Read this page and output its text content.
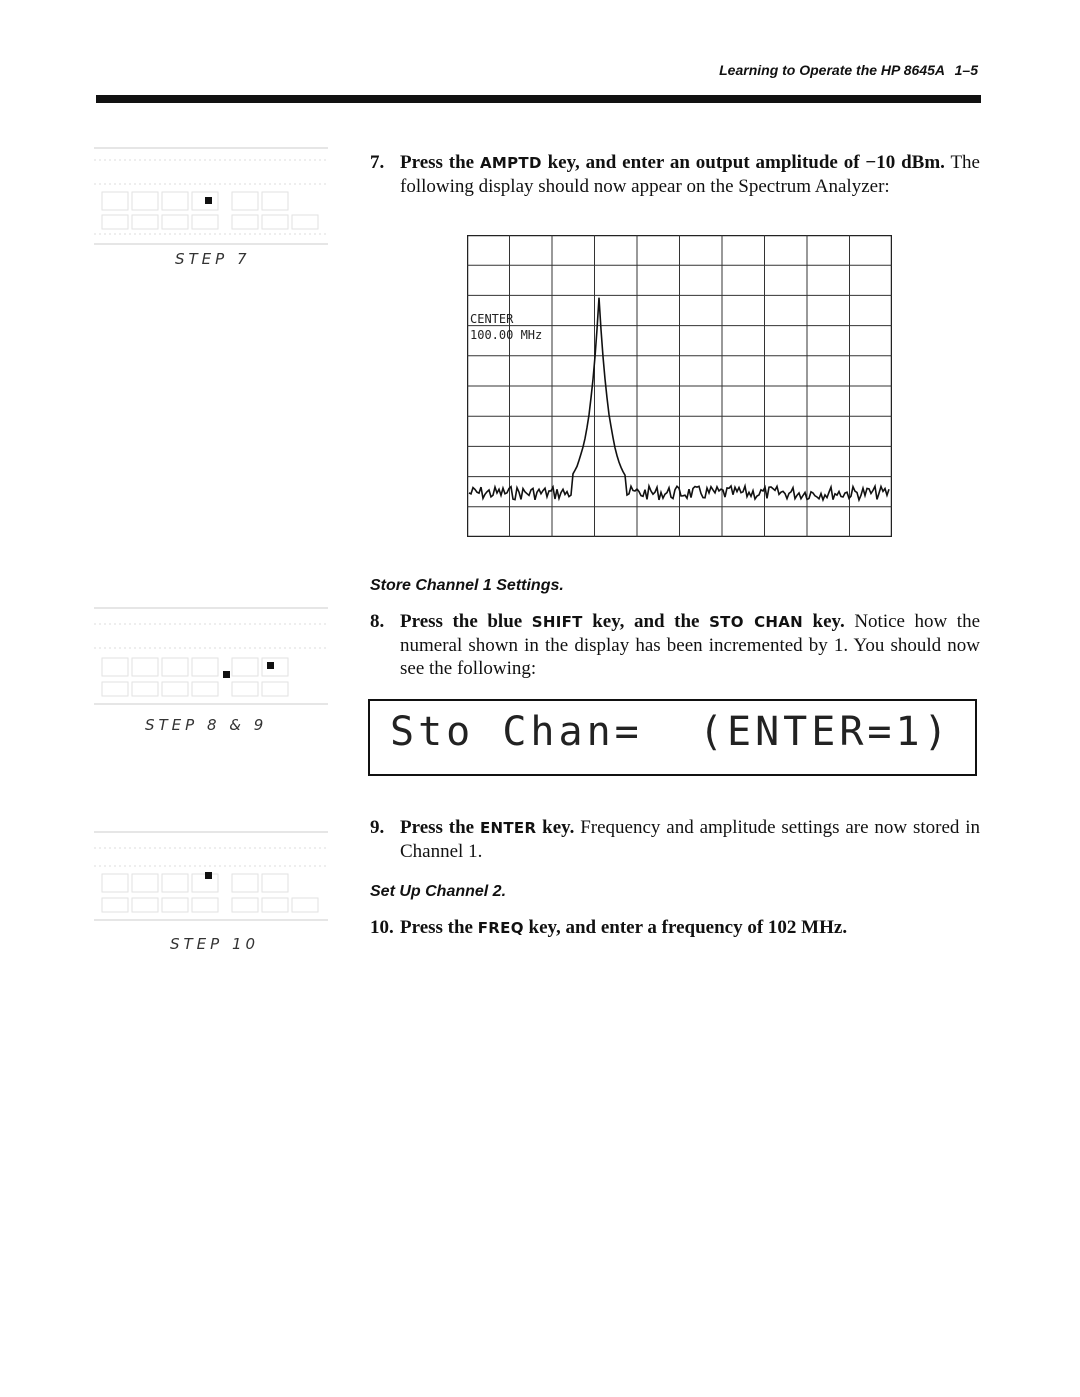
Learning to Operate the HP 8645A 1–5
STEP 7
STEP 8 & 9
STEP 10
7. Press the AMPTD key, and enter an output amplitude of −10 dBm. The following display should now appear on the Spectrum Analyzer:
CENTER
100.00 MHz
Store Channel 1 Settings.
8. Press the blue SHIFT key, and the STO CHAN key. Notice how the numeral shown in the display has been incremented by 1. You should now see the following:
Sto Chan=  (ENTER=1)
9. Press the ENTER key. Frequency and amplitude settings are now stored in Channel 1.
Set Up Channel 2.
10. Press the FREQ key, and enter a frequency of 102 MHz.
